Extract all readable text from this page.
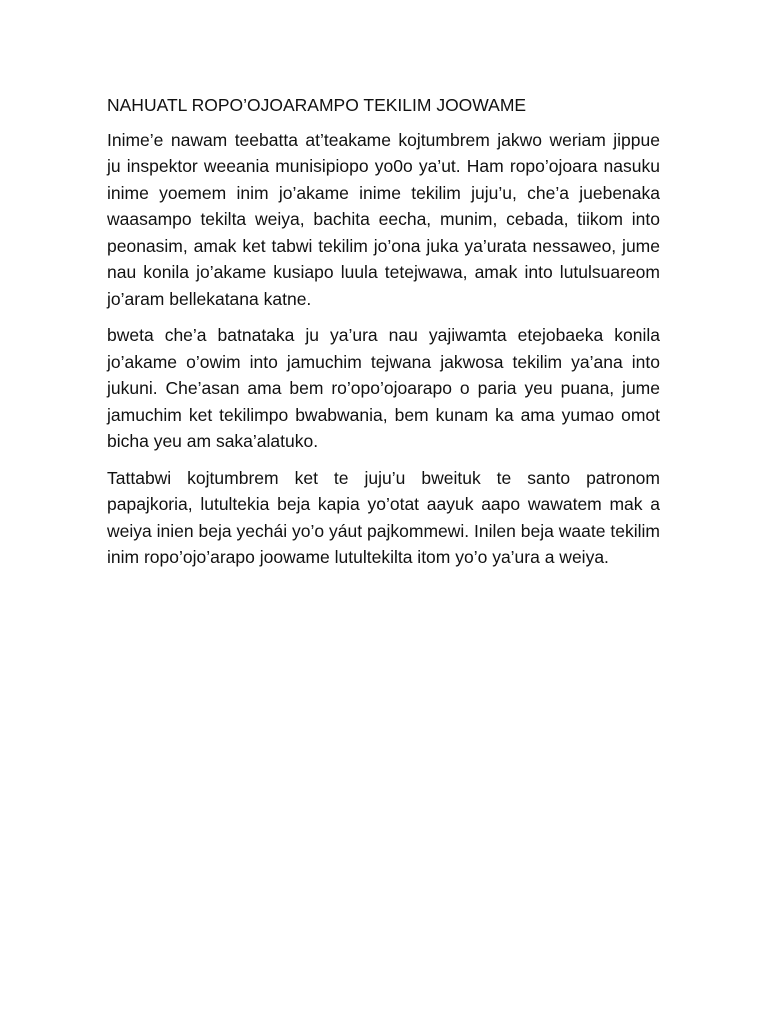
NAHUATL ROPO’OJOARAMPO TEKILIM JOOWAME

Inime’e nawam teebatta at’teakame kojtumbrem jakwo weriam jippue ju inspektor weeania munisipiopo yo0o ya’ut. Ham ropo’ojoara nasuku inime yoemem inim jo’akame inime tekilim juju’u, che’a juebenaka waasampo tekilta weiya, bachita eecha, munim, cebada, tiikom into peonasim, amak ket tabwi tekilim jo’ona juka ya’urata nessaweo, jume nau konila jo’akame kusiapo luula tetejwawa, amak into lutulsuareom jo’aram bellekatana katne.

bweta che’a batnataka ju ya’ura nau yajiwamta etejobaeka konila jo’akame o’owim into jamuchim tejwana jakwosa tekilim ya’ana into jukuni. Che’asan ama bem ro’opo’ojoarapo o paria yeu puana, jume jamuchim ket tekilimpo bwabwania, bem kunam ka ama yumao omot bicha yeu am saka’alatuko.

Tattabwi kojtumbrem ket te juju’u bweituk te santo patronom papajkoria, lutultekia beja kapia yo’otat aayuk aapo wawatem mak a weiya inien beja yechái yo’o yáut pajkommewi. Inilen beja waate tekilim inim ropo’ojo’arapo joowame lutultekilta itom yo’o ya’ura a weiya.
